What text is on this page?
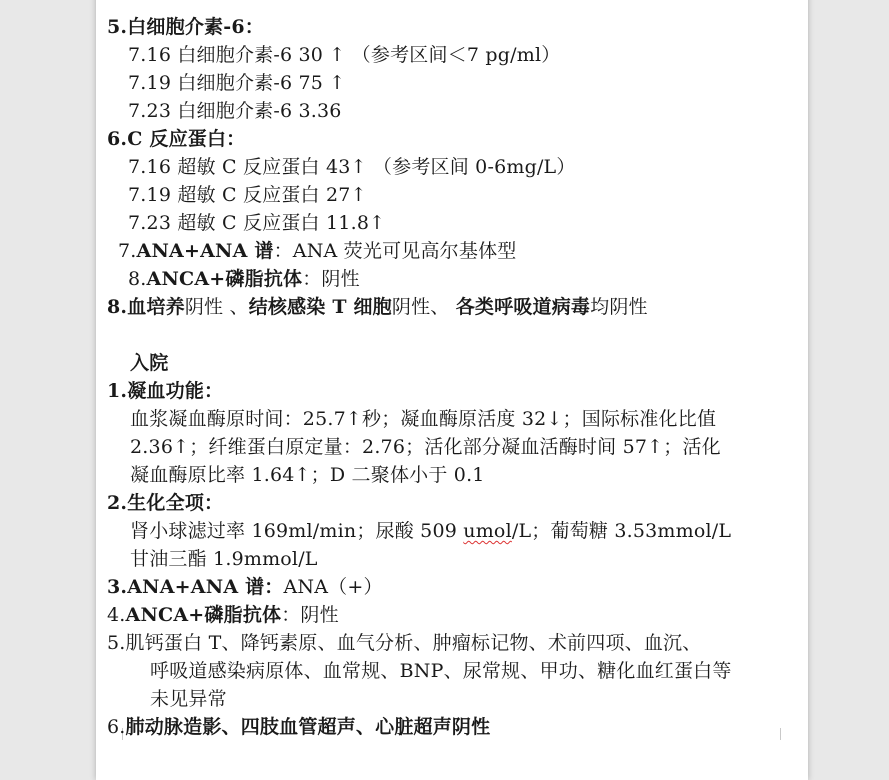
5.白细胞介素-6：
7.16 白细胞介素-6 30 ↑ （参考区间＜7 pg/ml）
7.19 白细胞介素-6 75 ↑
7.23 白细胞介素-6 3.36
6.C 反应蛋白：
7.16 超敏 C 反应蛋白 43↑ （参考区间 0-6mg/L）
7.19 超敏 C 反应蛋白 27↑
7.23 超敏 C 反应蛋白 11.8↑
7.ANA+ANA 谱：ANA 荧光可见高尔基体型
8.ANCA+磷脂抗体：阴性
8.血培养阴性 、结核感染 T 细胞阴性、 各类呼吸道病毒均阴性
入院
1.凝血功能：
血浆凝血酶原时间：25.7↑秒；凝血酶原活度 32↓；国际标准化比值
2.36↑；纤维蛋白原定量：2.76；活化部分凝血活酶时间 57↑；活化
凝血酶原比率 1.64↑；D 二聚体小于 0.1
2.生化全项：
肾小球滤过率 169ml/min；尿酸 509 umol/L；葡萄糖 3.53mmol/L
甘油三酯 1.9mmol/L
3.ANA+ANA 谱：ANA（+）
4.ANCA+磷脂抗体：阴性
5.肌钙蛋白 T、降钙素原、血气分析、肿瘤标记物、术前四项、血沉、
呼吸道感染病原体、血常规、BNP、尿常规、甲功、糖化血红蛋白等
未见异常
6.肺动脉造影、四肢血管超声、心脏超声阴性
